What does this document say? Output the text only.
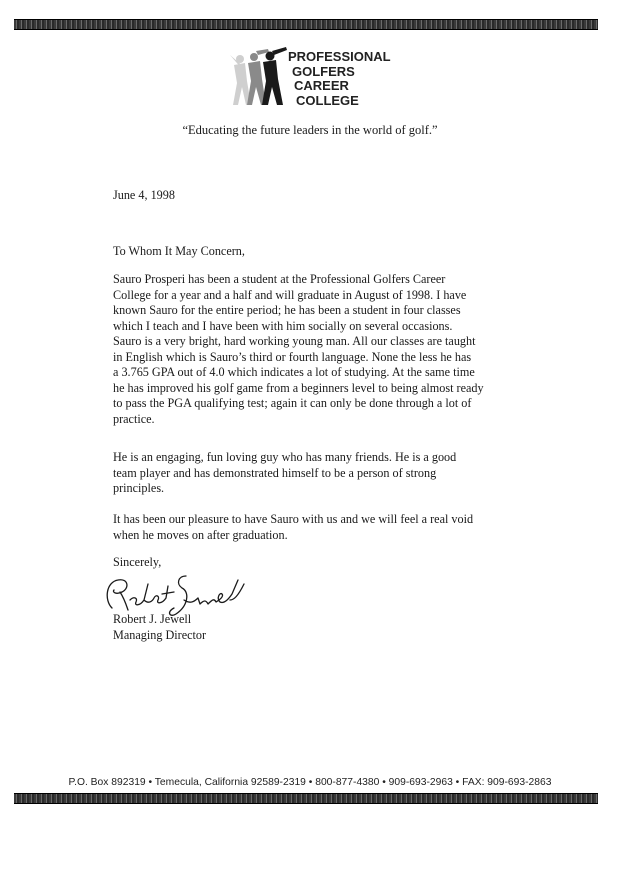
PROFESSIONAL
GOLFERS
CAREER
COLLEGE
“Educating the future leaders in the world of golf.”
June 4, 1998
To Whom It May Concern,
Sauro Prosperi has been a student at the Professional Golfers Career
College for a year and a half and will graduate in August of 1998. I have
known Sauro for the entire period; he has been a student in four classes
which I teach and I have been with him socially on several occasions.
Sauro is a very bright, hard working young man. All our classes are taught
in English which is Sauro’s third or fourth language. None the less he has
a 3.765 GPA out of 4.0 which indicates a lot of studying. At the same time
he has improved his golf game from a beginners level to being almost ready
to pass the PGA qualifying test; again it can only be done through a lot of
practice.
He is an engaging, fun loving guy who has many friends. He is a good
team player and has demonstrated himself to be a person of strong
principles.
It has been our pleasure to have Sauro with us and we will feel a real void
when he moves on after graduation.
Sincerely,
Robert J. Jewell
Managing Director
P.O. Box 892319 • Temecula, California 92589-2319 • 800-877-4380 • 909-693-2963 • FAX: 909-693-2863
